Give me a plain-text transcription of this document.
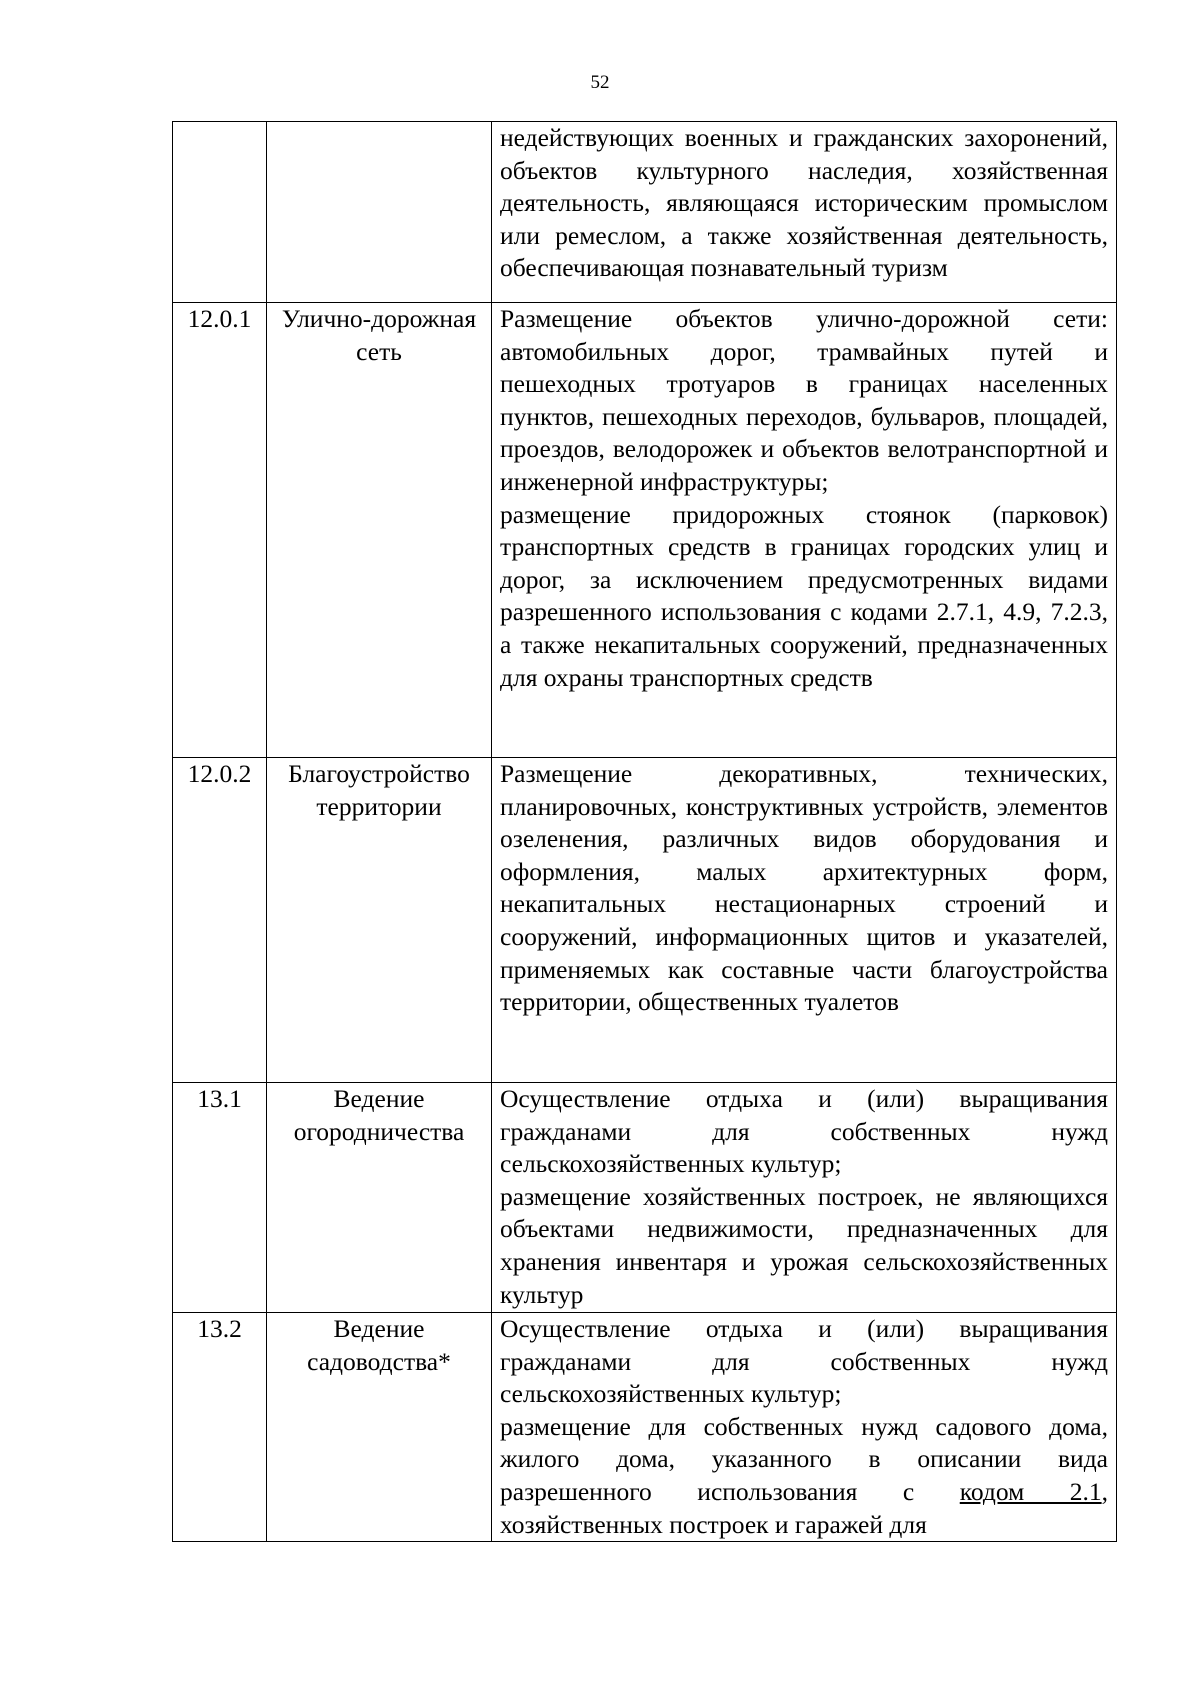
52

		недействующих военных и гражданских захоронений, объектов культурного наследия, хозяйственная деятельность, являющаяся историческим промыслом или ремеслом, а также хозяйственная деятельность, обеспечивающая познавательный туризм

12.0.1	Улично-дорожная сеть	Размещение объектов улично-дорожной сети: автомобильных дорог, трамвайных путей и пешеходных тротуаров в границах населенных пунктов, пешеходных переходов, бульваров, площадей, проездов, велодорожек и объектов велотранспортной и инженерной инфраструктуры;
размещение придорожных стоянок (парковок) транспортных средств в границах городских улиц и дорог, за исключением предусмотренных видами разрешенного использования с кодами 2.7.1, 4.9, 7.2.3, а также некапитальных сооружений, предназначенных для охраны транспортных средств

12.0.2	Благоустройство территории	Размещение декоративных, технических, планировочных, конструктивных устройств, элементов озеленения, различных видов оборудования и оформления, малых архитектурных форм, некапитальных нестационарных строений и сооружений, информационных щитов и указателей, применяемых как составные части благоустройства территории, общественных туалетов

13.1	Ведение огородничества	Осуществление отдыха и (или) выращивания гражданами для собственных нужд сельскохозяйственных культур;
размещение хозяйственных построек, не являющихся объектами недвижимости, предназначенных для хранения инвентаря и урожая сельскохозяйственных культур

13.2	Ведение садоводства*	Осуществление отдыха и (или) выращивания гражданами для собственных нужд сельскохозяйственных культур;
размещение для собственных нужд садового дома, жилого дома, указанного в описании вида разрешенного использования с кодом 2.1, хозяйственных построек и гаражей для
